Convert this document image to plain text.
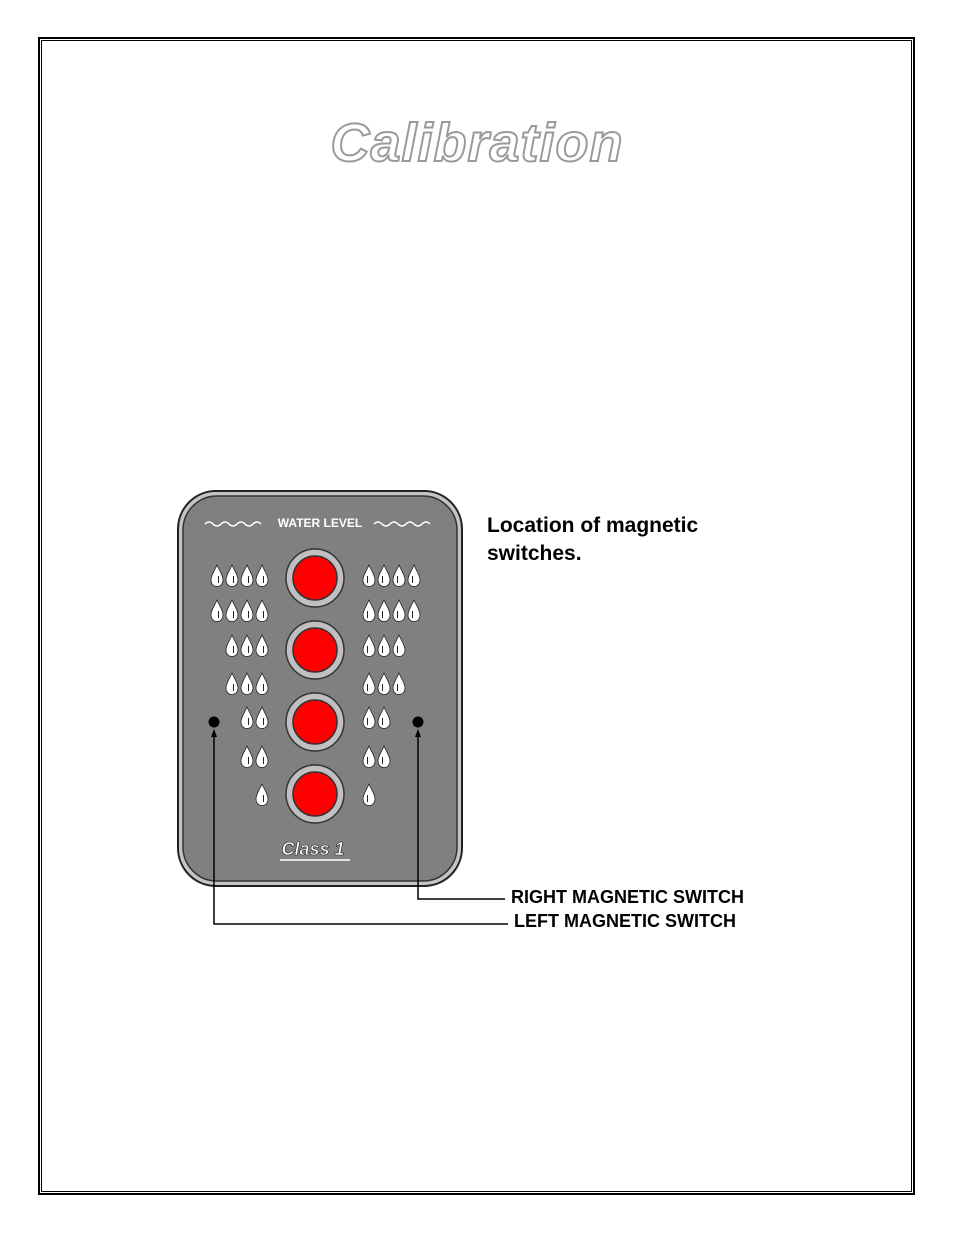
Calibration
WATER LEVEL
Class 1
Location of magnetic switches.
RIGHT MAGNETIC SWITCH
LEFT MAGNETIC SWITCH
